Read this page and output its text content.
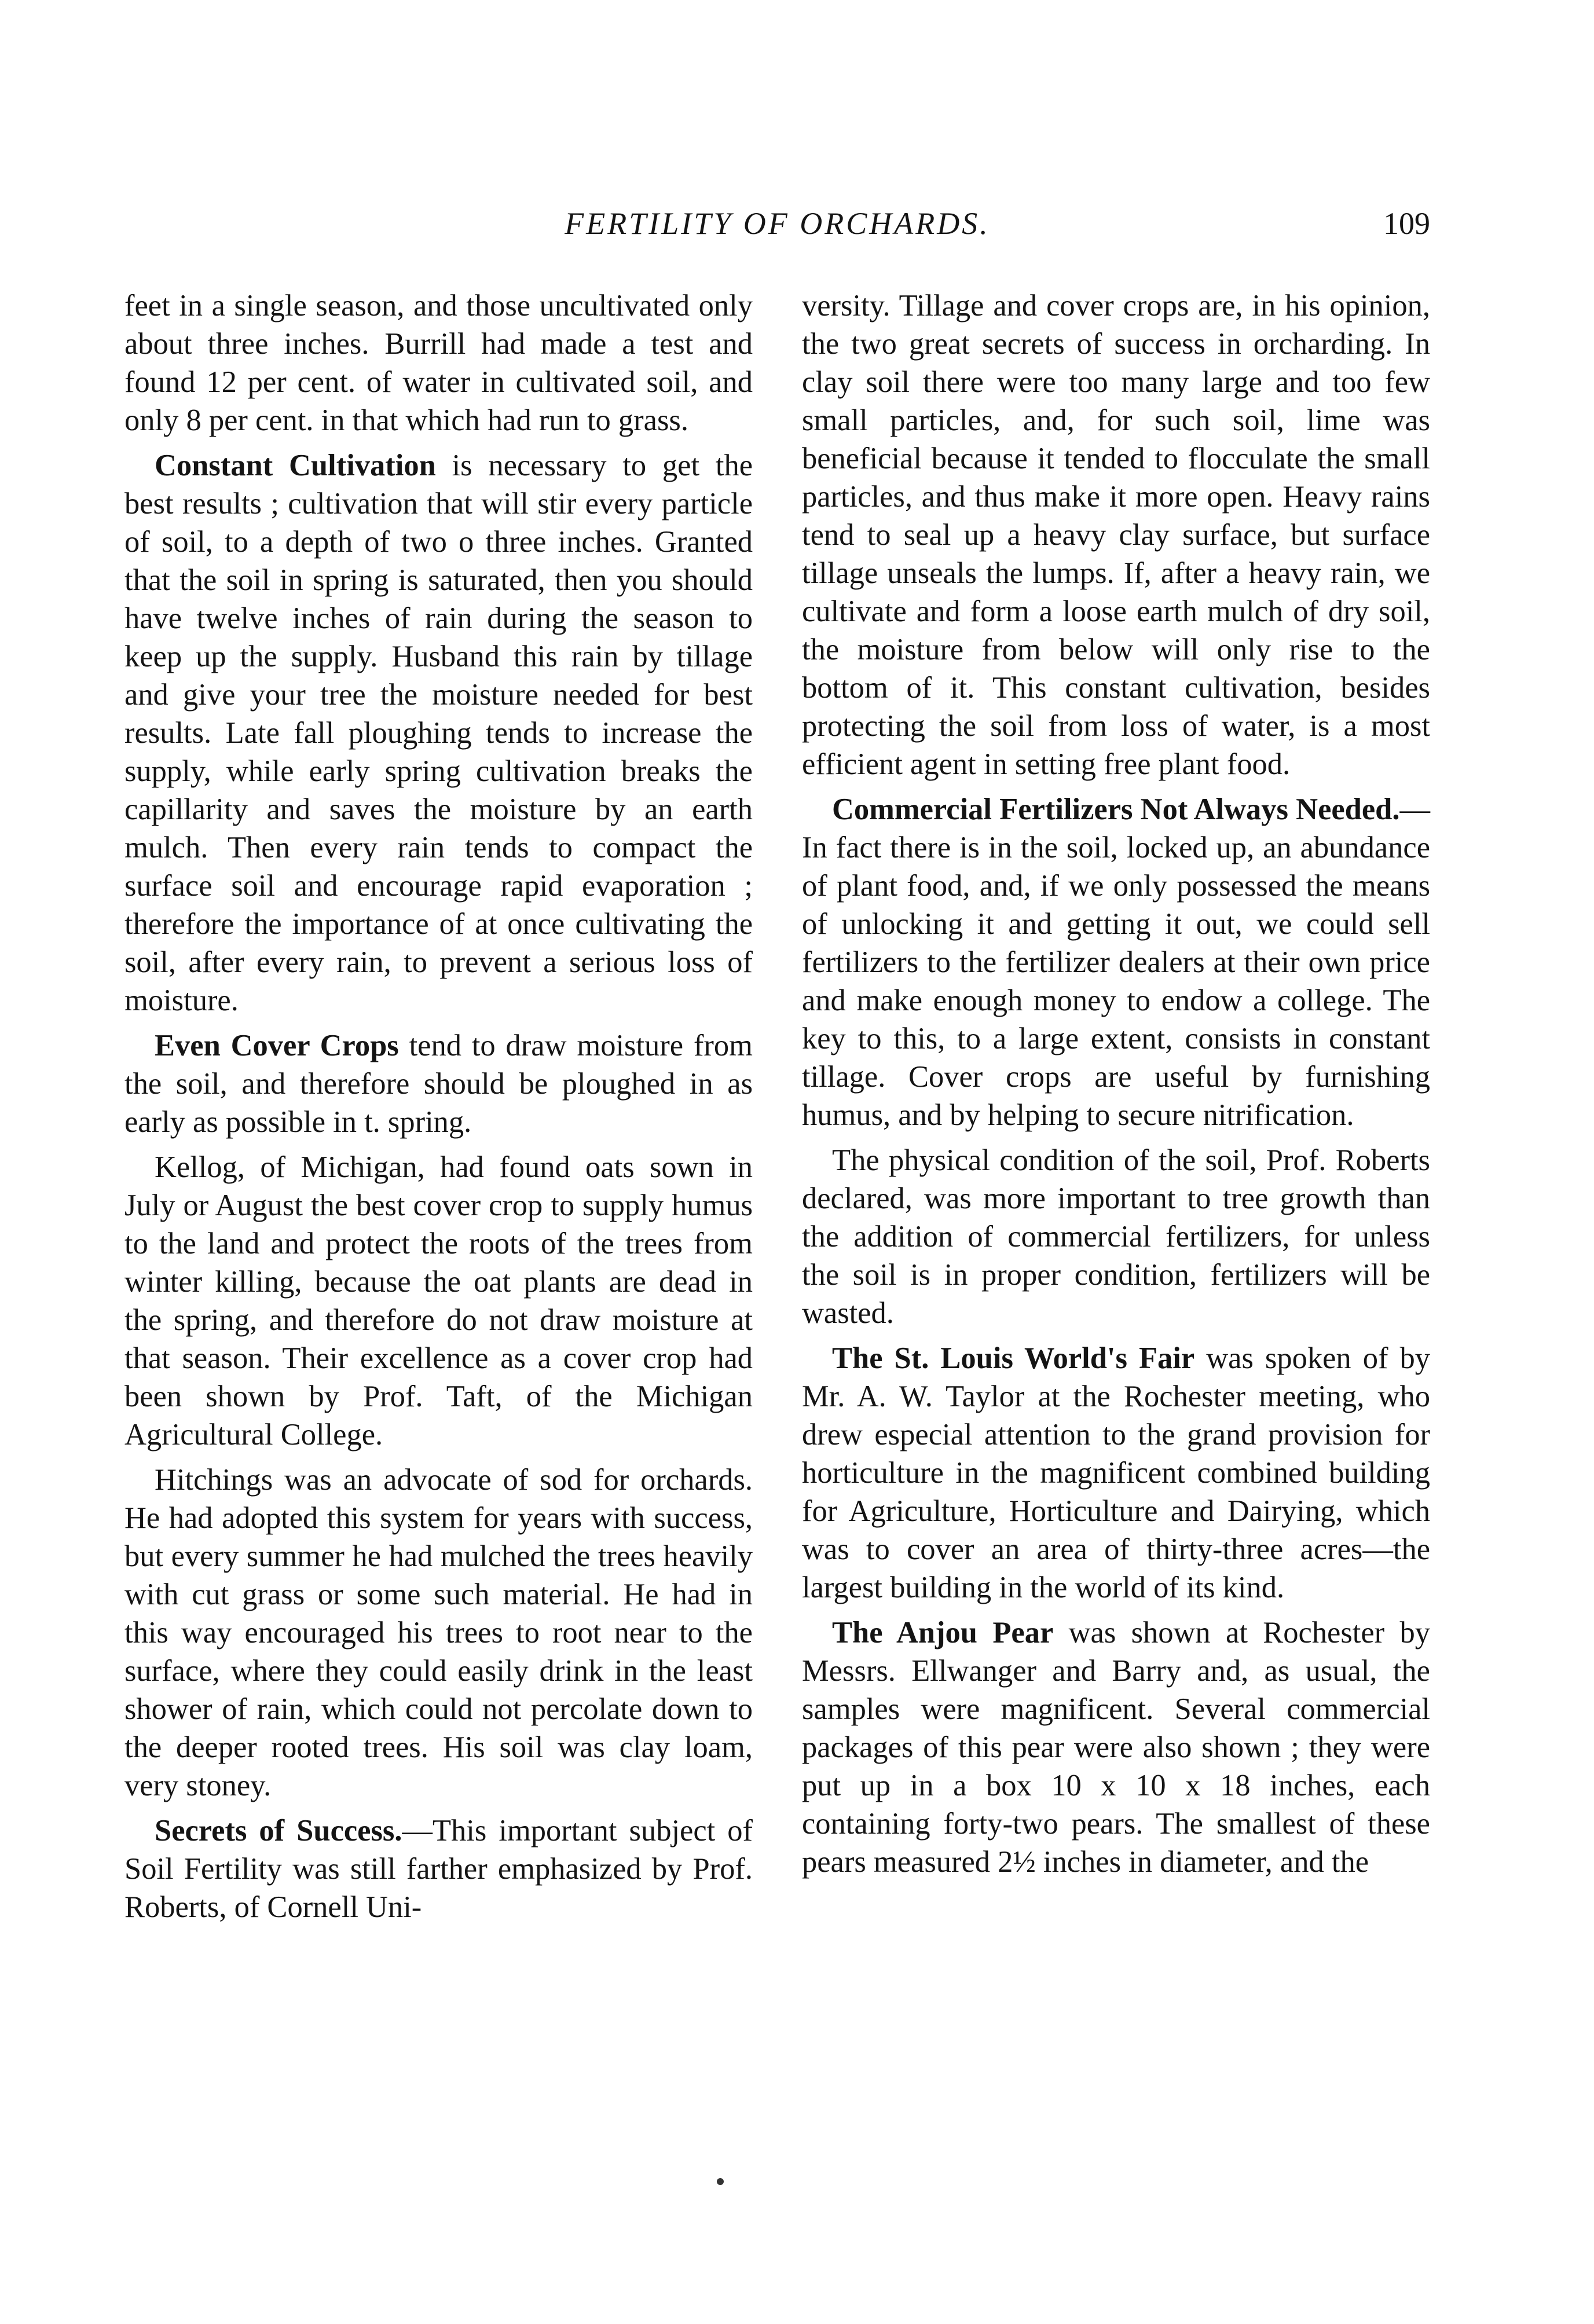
FERTILITY OF ORCHARDS.	109

feet in a single season, and those uncultivated only about three inches. Burrill had made a test and found 12 per cent. of water in cultivated soil, and only 8 per cent. in that which had run to grass.

Constant Cultivation is necessary to get the best results ; cultivation that will stir every particle of soil, to a depth of two o three inches. Granted that the soil in spring is saturated, then you should have twelve inches of rain during the season to keep up the supply. Husband this rain by tillage and give your tree the moisture needed for best results. Late fall ploughing tends to increase the supply, while early spring cultivation breaks the capillarity and saves the moisture by an earth mulch. Then every rain tends to compact the surface soil and encourage rapid evaporation ; therefore the importance of at once cultivating the soil, after every rain, to prevent a serious loss of moisture.

Even Cover Crops tend to draw moisture from the soil, and therefore should be ploughed in as early as possible in t. spring.

Kellog, of Michigan, had found oats sown in July or August the best cover crop to supply humus to the land and protect the roots of the trees from winter killing, because the oat plants are dead in the spring, and therefore do not draw moisture at that season. Their excellence as a cover crop had been shown by Prof. Taft, of the Michigan Agricultural College.

Hitchings was an advocate of sod for orchards. He had adopted this system for years with success, but every summer he had mulched the trees heavily with cut grass or some such material. He had in this way encouraged his trees to root near to the surface, where they could easily drink in the least shower of rain, which could not percolate down to the deeper rooted trees. His soil was clay loam, very stoney.

Secrets of Success.—This important subject of Soil Fertility was still farther emphasized by Prof. Roberts, of Cornell Uni-

versity. Tillage and cover crops are, in his opinion, the two great secrets of success in orcharding. In clay soil there were too many large and too few small particles, and, for such soil, lime was beneficial because it tended to flocculate the small particles, and thus make it more open. Heavy rains tend to seal up a heavy clay surface, but surface tillage unseals the lumps. If, after a heavy rain, we cultivate and form a loose earth mulch of dry soil, the moisture from below will only rise to the bottom of it. This constant cultivation, besides protecting the soil from loss of water, is a most efficient agent in setting free plant food.

Commercial Fertilizers Not Always Needed.—In fact there is in the soil, locked up, an abundance of plant food, and, if we only possessed the means of unlocking it and getting it out, we could sell fertilizers to the fertilizer dealers at their own price and make enough money to endow a college. The key to this, to a large extent, consists in constant tillage. Cover crops are useful by furnishing humus, and by helping to secure nitrification.

The physical condition of the soil, Prof. Roberts declared, was more important to tree growth than the addition of commercial fertilizers, for unless the soil is in proper condition, fertilizers will be wasted.

The St. Louis World's Fair was spoken of by Mr. A. W. Taylor at the Rochester meeting, who drew especial attention to the grand provision for horticulture in the magnificent combined building for Agriculture, Horticulture and Dairying, which was to cover an area of thirty-three acres—the largest building in the world of its kind.

The Anjou Pear was shown at Rochester by Messrs. Ellwanger and Barry and, as usual, the samples were magnificent. Several commercial packages of this pear were also shown ; they were put up in a box 10 x 10 x 18 inches, each containing forty-two pears. The smallest of these pears measured 2½ inches in diameter, and the
